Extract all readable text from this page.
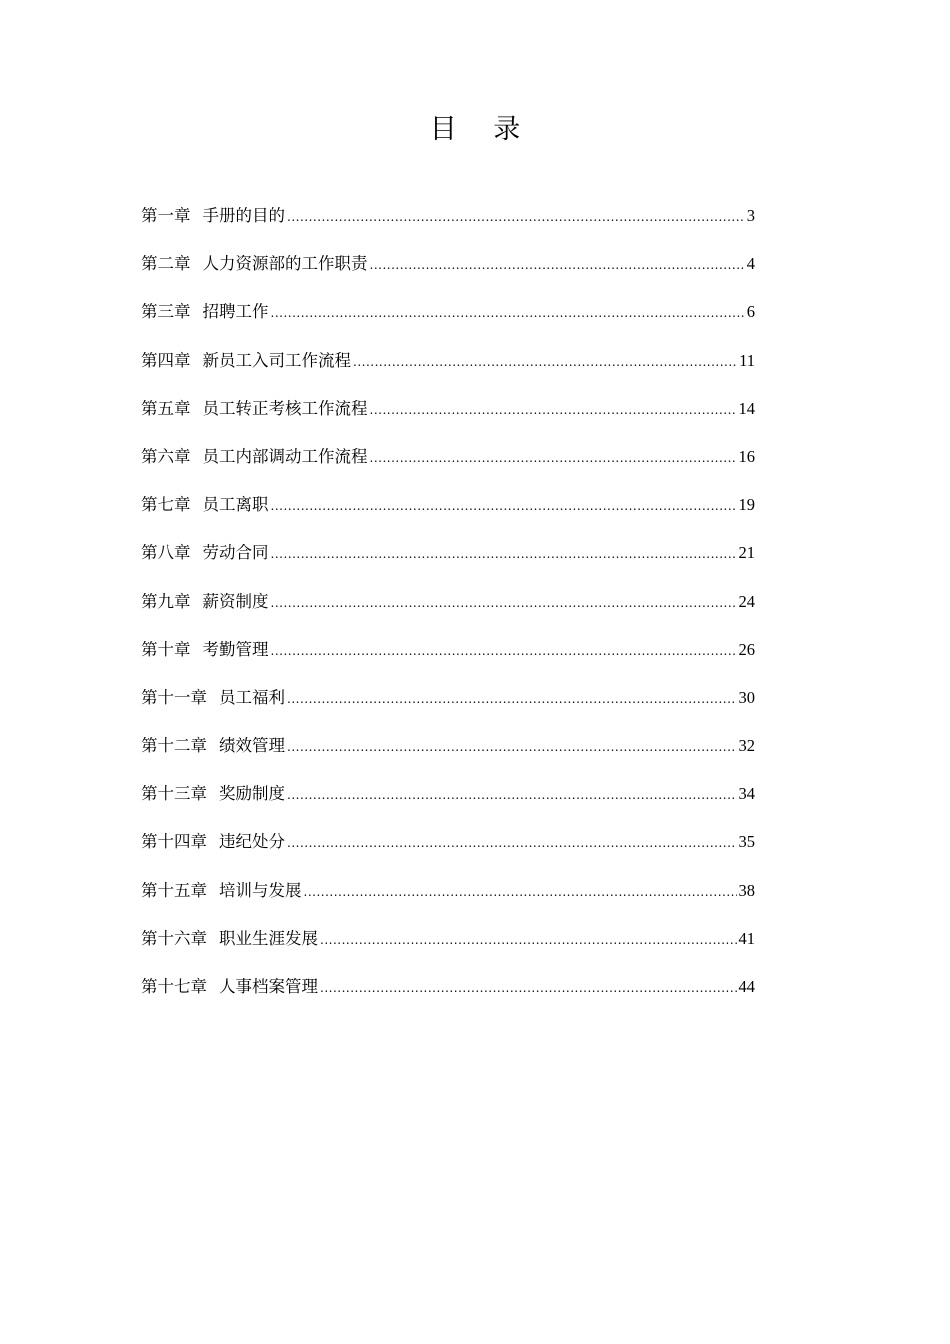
目 录
第一章 手册的目的 .....	3
第二章 人力资源部的工作职责 .....	4
第三章 招聘工作 .....	6
第四章 新员工入司工作流程 .....	11
第五章 员工转正考核工作流程 .....	14
第六章 员工内部调动工作流程 .....	16
第七章 员工离职 .....	19
第八章 劳动合同 .....	21
第九章 薪资制度 .....	24
第十章 考勤管理 .....	26
第十一章 员工福利 .....	30
第十二章 绩效管理 .....	32
第十三章 奖励制度 .....	34
第十四章 违纪处分 .....	35
第十五章 培训与发展 .....	38
第十六章 职业生涯发展 .....	41
第十七章 人事档案管理 .....	44
